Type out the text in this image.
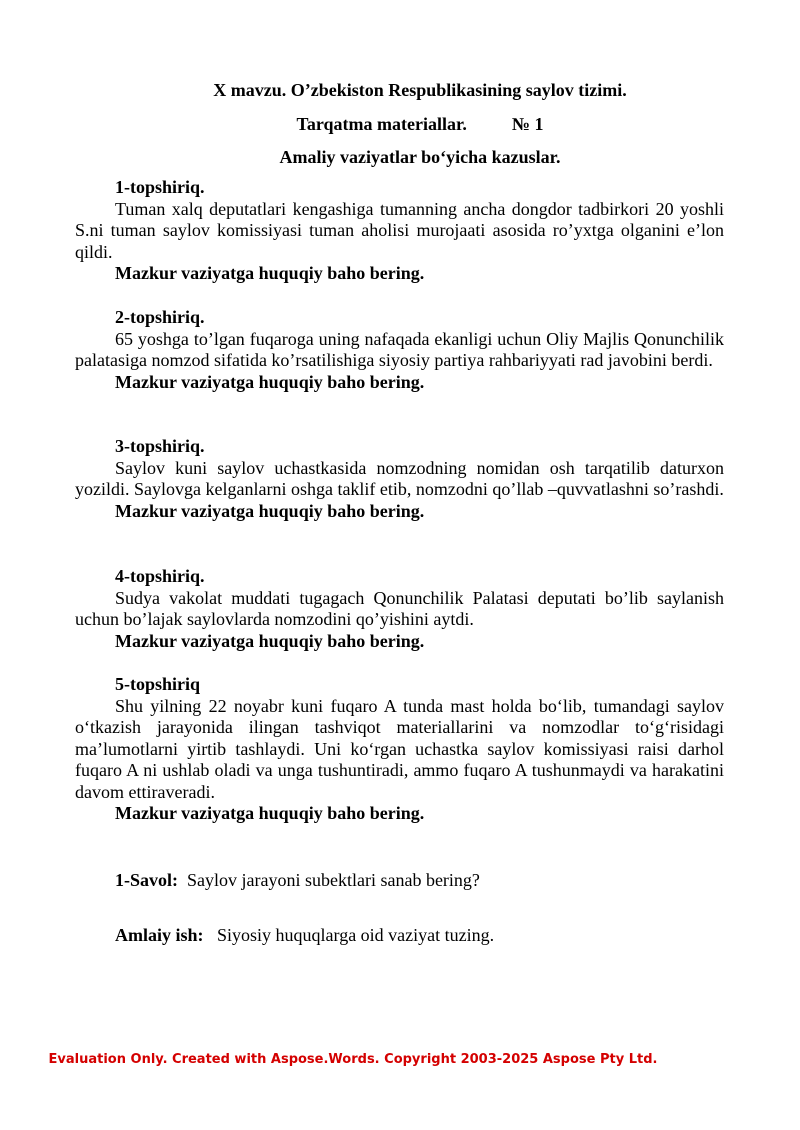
X mavzu. O’zbekiston Respublikasining saylov tizimi.
Tarqatma materiallar.	№ 1
Amaliy vaziyatlar bo‘yicha kazuslar.
1-topshiriq.

Tuman xalq deputatlari kengashiga tumanning ancha dongdor tadbirkori 20 yoshli S.ni tuman saylov komissiyasi tuman aholisi murojaati asosida ro’yxtga olganini e’lon qildi.

Mazkur vaziyatga huquqiy baho bering.
2-topshiriq.

65 yoshga to’lgan fuqaroga uning nafaqada ekanligi uchun Oliy Majlis Qonunchilik palatasiga nomzod sifatida ko’rsatilishiga siyosiy partiya rahbariyyati rad javobini berdi.

Mazkur vaziyatga huquqiy baho bering.
3-topshiriq.

Saylov kuni saylov uchastkasida nomzodning nomidan osh tarqatilib daturxon yozildi. Saylovga kelganlarni oshga taklif etib, nomzodni qo’llab –quvvatlashni so’rashdi.

Mazkur vaziyatga huquqiy baho bering.
4-topshiriq.

Sudya vakolat muddati tugagach Qonunchilik Palatasi deputati bo’lib saylanish uchun bo’lajak saylovlarda nomzodini qo’yishini aytdi.

Mazkur vaziyatga huquqiy baho bering.
5-topshiriq

Shu yilning 22 noyabr kuni fuqaro A tunda mast holda bo‘lib, tumandagi saylov o‘tkazish jarayonida ilingan tashviqot materiallarini va nomzodlar to‘g‘risidagi ma’lumotlarni yirtib tashlaydi. Uni ko‘rgan uchastka saylov komissiyasi raisi darhol fuqaro A ni ushlab oladi va unga tushuntiradi, ammo fuqaro A tushunmaydi va harakatini davom ettiraveradi.

Mazkur vaziyatga huquqiy baho bering.
1-Savol: Saylov jarayoni subektlari sanab bering?
Amlaiy ish: Siyosiy huquqlarga oid vaziyat tuzing.
Evaluation Only. Created with Aspose.Words. Copyright 2003-2025 Aspose Pty Ltd.
